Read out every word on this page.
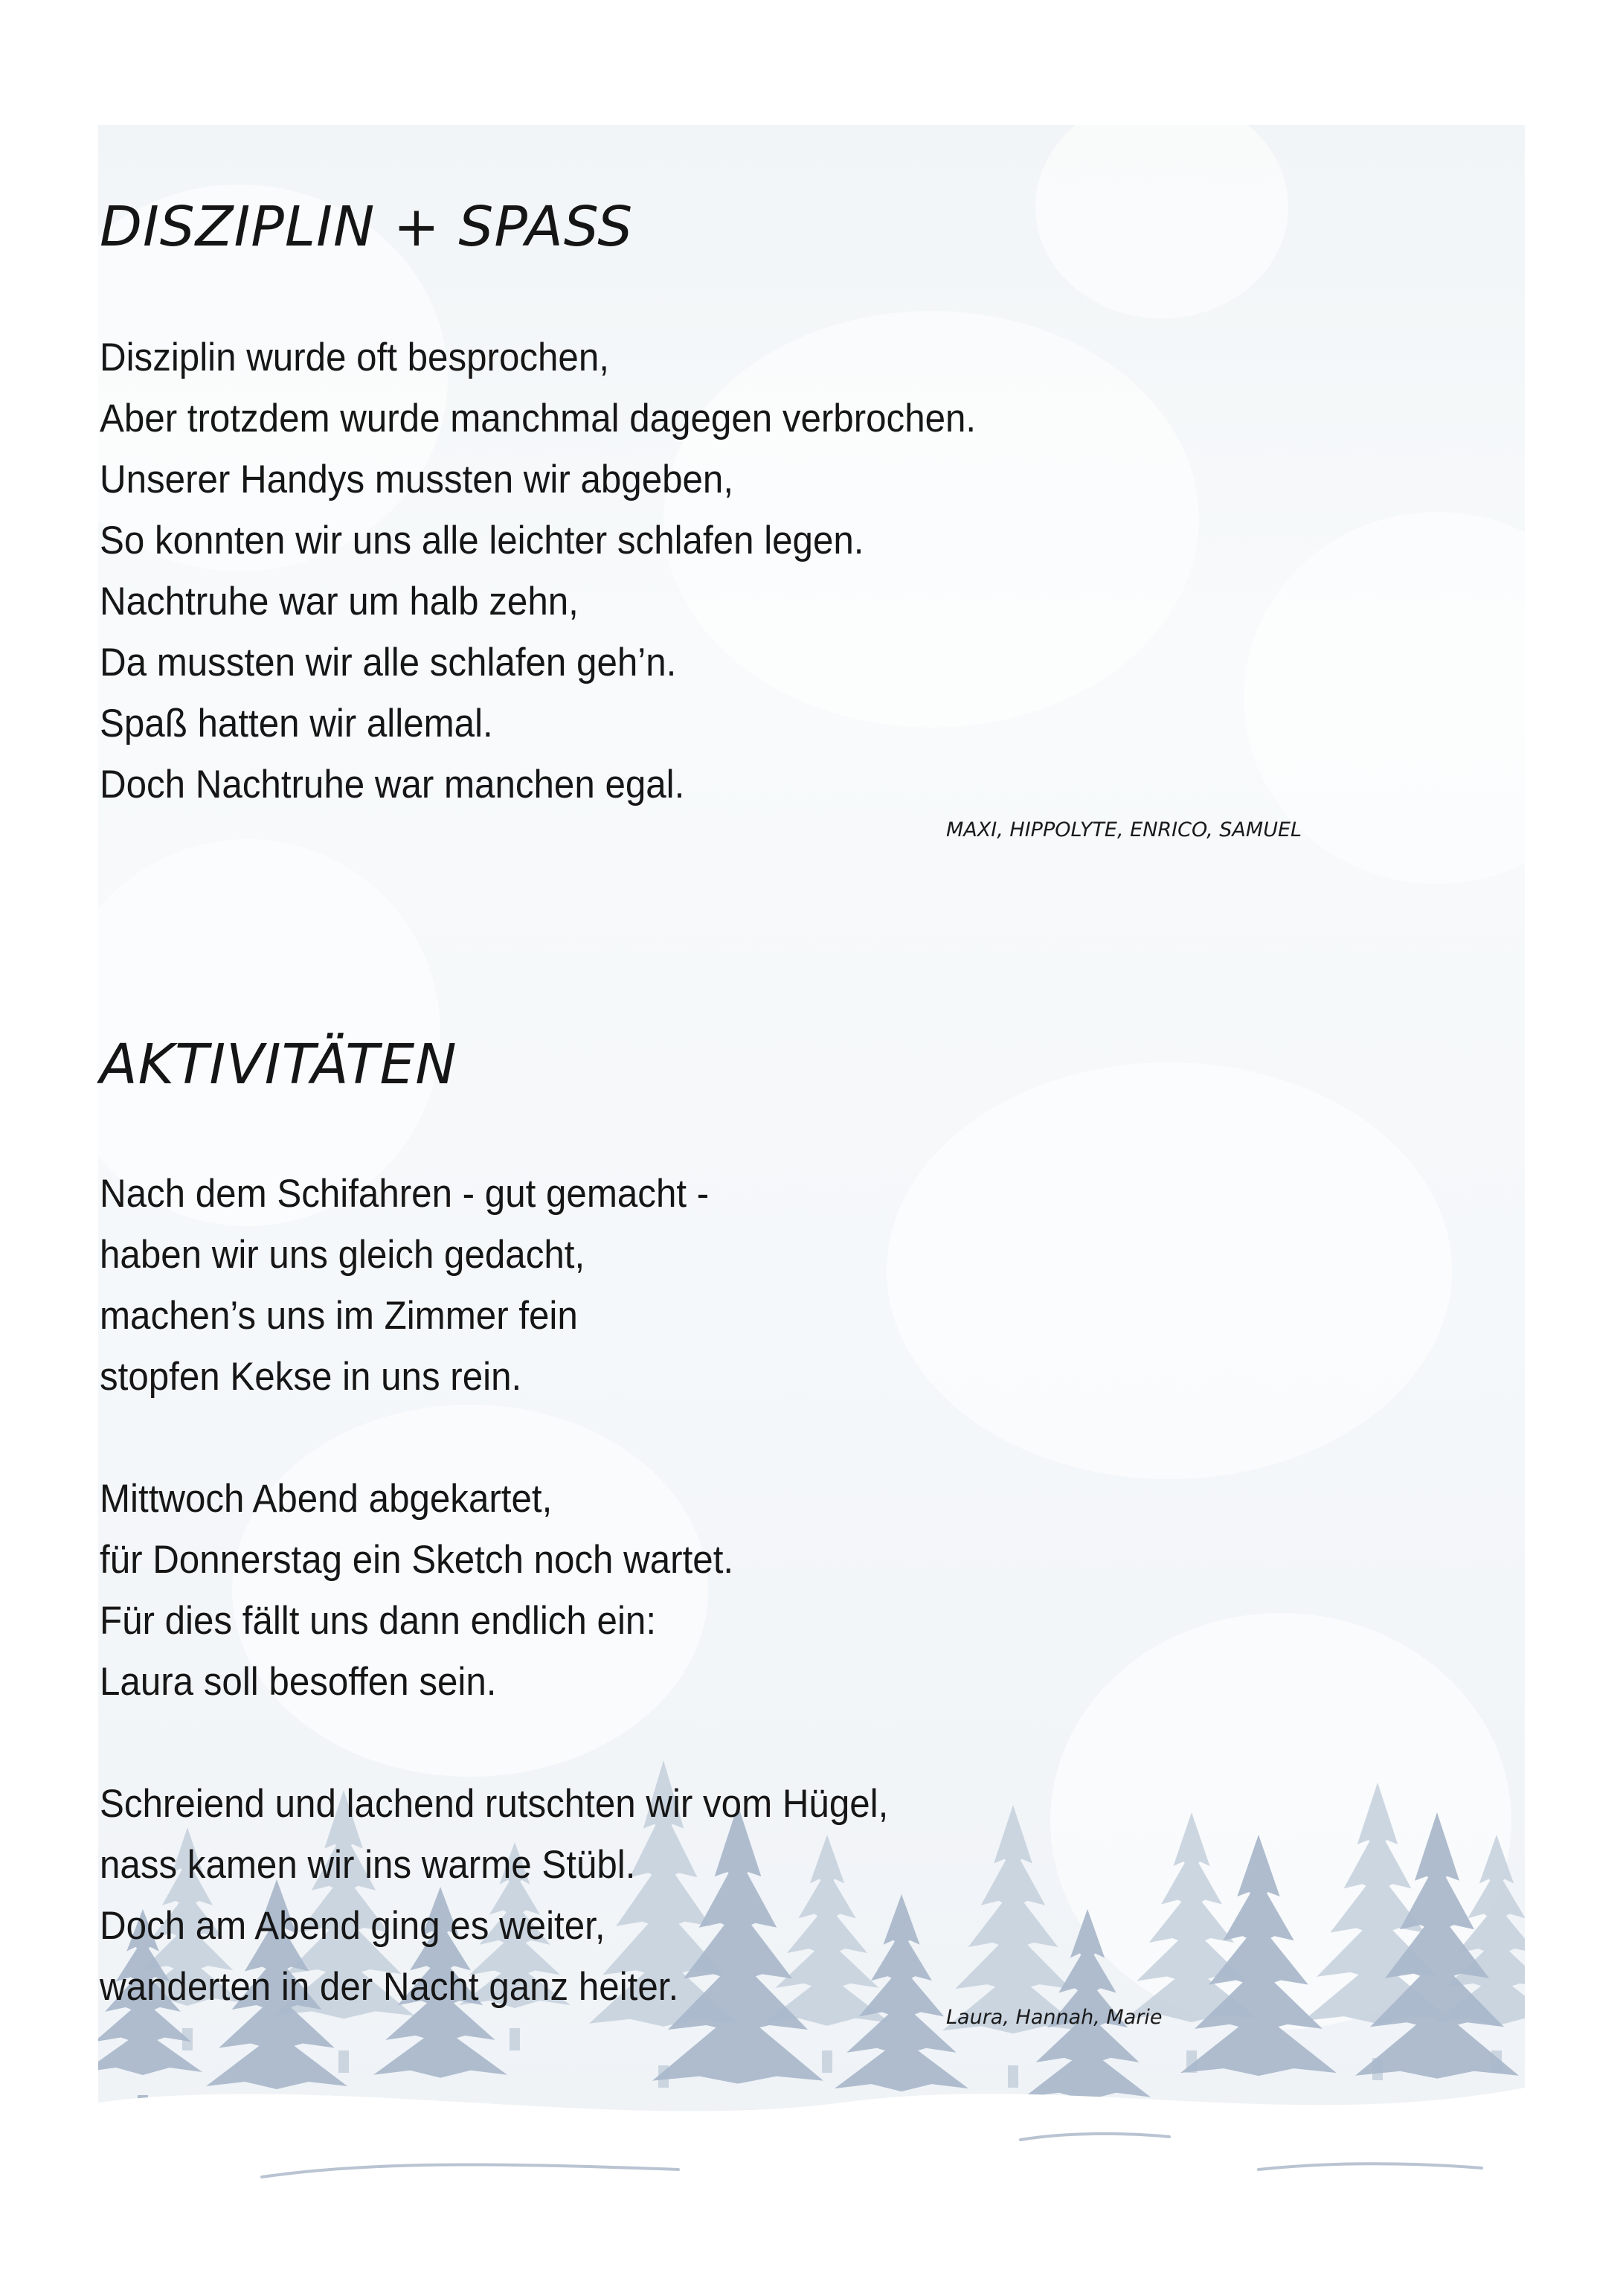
DISZIPLIN + SPASS
Disziplin wurde oft besprochen,
Aber trotzdem wurde manchmal dagegen verbrochen.
Unserer Handys mussten wir abgeben,
So konnten wir uns alle leichter schlafen legen.
Nachtruhe war um halb zehn,
Da mussten wir alle schlafen geh’n.
Spaß hatten wir allemal.
Doch Nachtruhe war manchen egal.
MAXI, HIPPOLYTE, ENRICO, SAMUEL
AKTIVITÄTEN
Nach dem Schifahren - gut gemacht -
haben wir uns gleich gedacht,
machen’s uns im Zimmer fein
stopfen Kekse in uns rein.
Mittwoch Abend abgekartet,
für Donnerstag ein Sketch noch wartet.
Für dies fällt uns dann endlich ein:
Laura soll besoffen sein.
Schreiend und lachend rutschten wir vom Hügel,
nass kamen wir ins warme Stübl.
Doch am Abend ging es weiter,
wanderten in der Nacht ganz heiter.
Laura, Hannah, Marie
